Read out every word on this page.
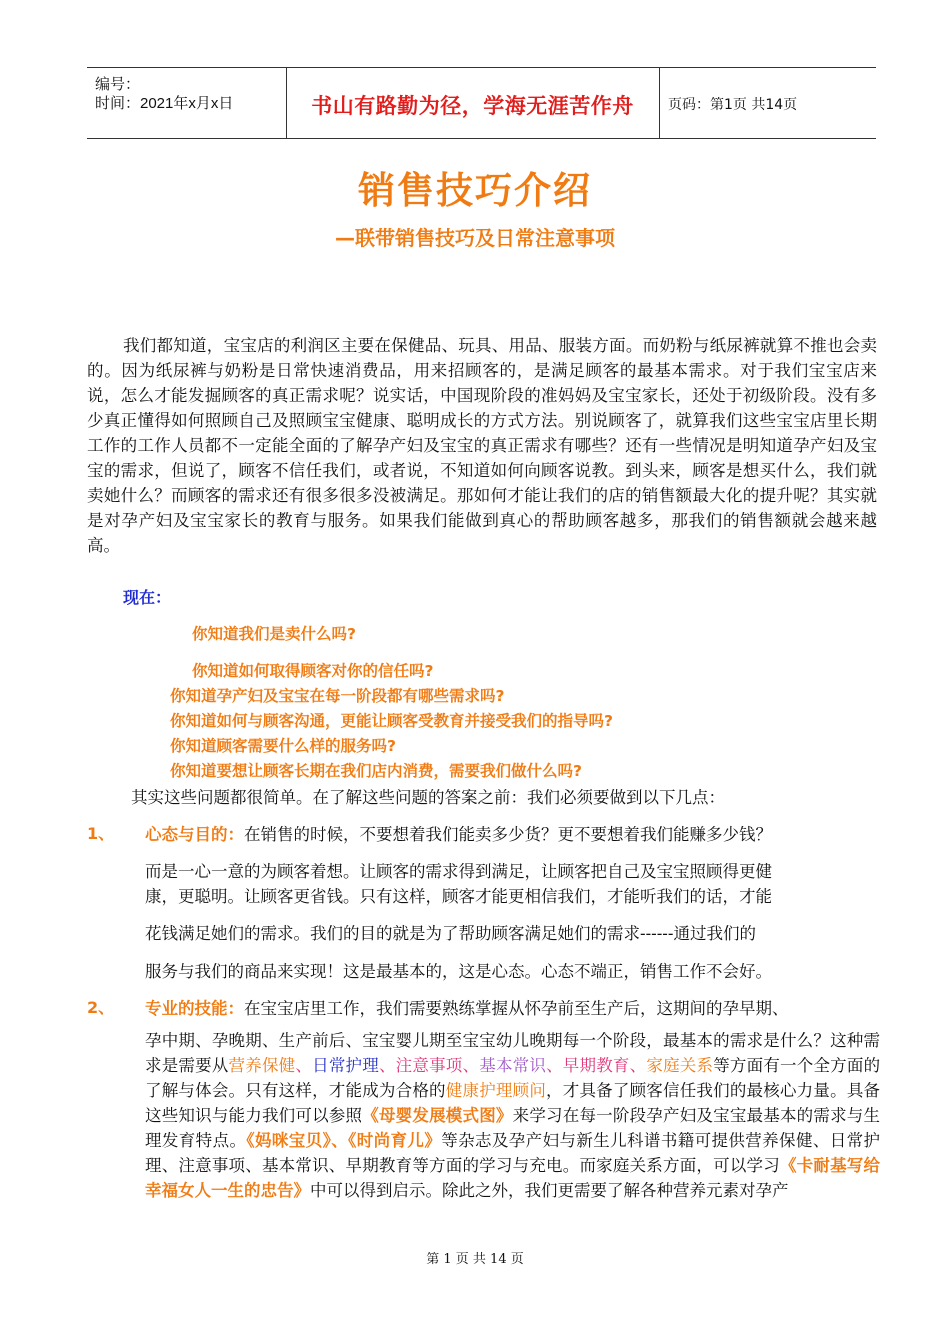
编号：
时间：2021年x月x日	书山有路勤为径，学海无涯苦作舟	页码：第1页 共14页
销售技巧介绍
—联带销售技巧及日常注意事项
我们都知道，宝宝店的利润区主要在保健品、玩具、用品、服装方面。而奶粉与纸尿裤就算不推也会卖的。因为纸尿裤与奶粉是日常快速消费品，用来招顾客的，是满足顾客的最基本需求。对于我们宝宝店来说，怎么才能发掘顾客的真正需求呢？说实话，中国现阶段的准妈妈及宝宝家长，还处于初级阶段。没有多少真正懂得如何照顾自己及照顾宝宝健康、聪明成长的方式方法。别说顾客了，就算我们这些宝宝店里长期工作的工作人员都不一定能全面的了解孕产妇及宝宝的真正需求有哪些？还有一些情况是明知道孕产妇及宝宝的需求，但说了，顾客不信任我们，或者说，不知道如何向顾客说教。到头来，顾客是想买什么，我们就卖她什么？而顾客的需求还有很多很多没被满足。那如何才能让我们的店的销售额最大化的提升呢？其实就是对孕产妇及宝宝家长的教育与服务。如果我们能做到真心的帮助顾客越多，那我们的销售额就会越来越高。
现在：
你知道我们是卖什么吗?
你知道如何取得顾客对你的信任吗?
你知道孕产妇及宝宝在每一阶段都有哪些需求吗?
你知道如何与顾客沟通，更能让顾客受教育并接受我们的指导吗?
你知道顾客需要什么样的服务吗?
你知道要想让顾客长期在我们店内消费，需要我们做什么吗?
其实这些问题都很简单。在了解这些问题的答案之前：我们必须要做到以下几点：
1、 心态与目的：在销售的时候，不要想着我们能卖多少货？更不要想着我们能赚多少钱？
而是一心一意的为顾客着想。让顾客的需求得到满足，让顾客把自己及宝宝照顾得更健
康，更聪明。让顾客更省钱。只有这样，顾客才能更相信我们，才能听我们的话，才能
花钱满足她们的需求。我们的目的就是为了帮助顾客满足她们的需求------通过我们的
服务与我们的商品来实现！这是最基本的，这是心态。心态不端正，销售工作不会好。
2、 专业的技能：在宝宝店里工作，我们需要熟练掌握从怀孕前至生产后，这期间的孕早期、
孕中期、孕晚期、生产前后、宝宝婴儿期至宝宝幼儿晚期每一个阶段，最基本的需求是什么？这种需求是需要从营养保健、日常护理、注意事项、基本常识、早期教育、家庭关系等方面有一个全方面的了解与体会。只有这样，才能成为合格的健康护理顾问，才具备了顾客信任我们的最核心力量。具备这些知识与能力我们可以参照《母婴发展模式图》来学习在每一阶段孕产妇及宝宝最基本的需求与生理发育特点。《妈咪宝贝》、《时尚育儿》等杂志及孕产妇与新生儿科谱书籍可提供营养保健、日常护理、注意事项、基本常识、早期教育等方面的学习与充电。而家庭关系方面，可以学习《卡耐基写给幸福女人一生的忠告》中可以得到启示。除此之外，我们更需要了解各种营养元素对孕产
第 1 页 共 14 页
